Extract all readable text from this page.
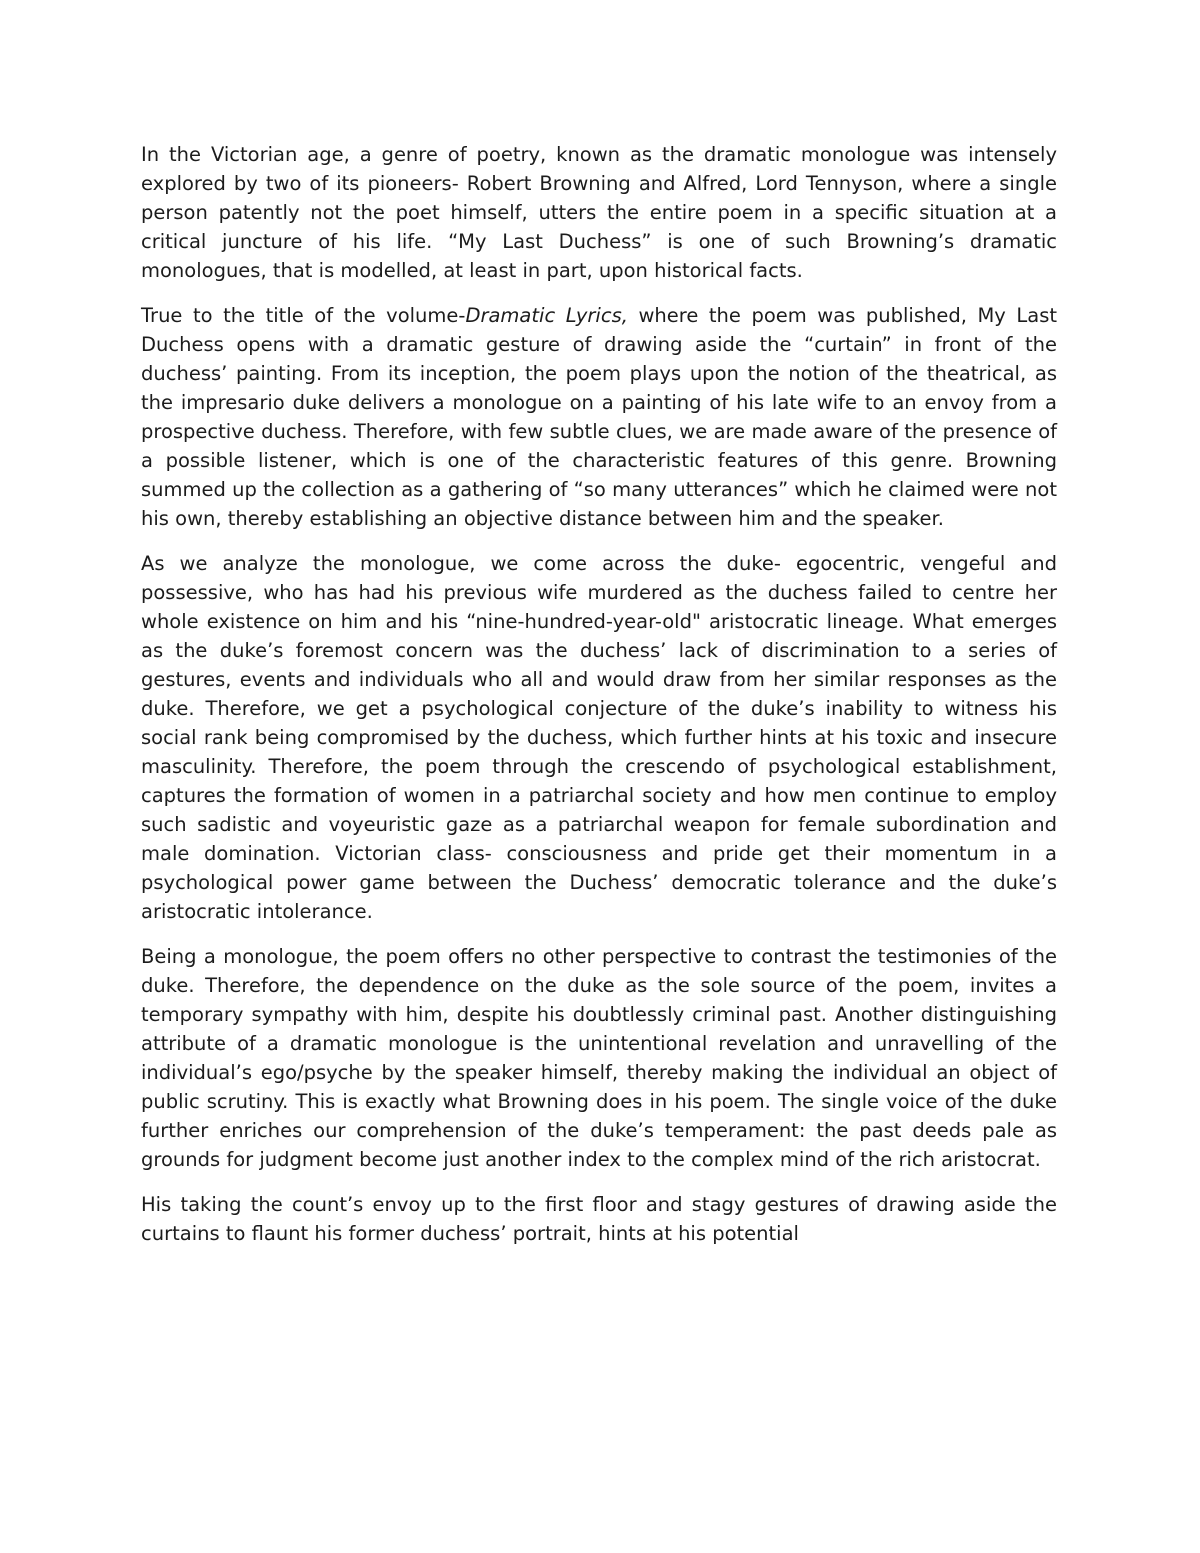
In the Victorian age, a genre of poetry, known as the dramatic monologue was intensely explored by two of its pioneers- Robert Browning and Alfred, Lord Tennyson, where a single person patently not the poet himself, utters the entire poem in a specific situation at a critical juncture of his life. “My Last Duchess” is one of such Browning’s dramatic monologues, that is modelled, at least in part, upon historical facts.

True to the title of the volume-Dramatic Lyrics, where the poem was published, My Last Duchess opens with a dramatic gesture of drawing aside the “curtain” in front of the duchess’ painting. From its inception, the poem plays upon the notion of the theatrical, as the impresario duke delivers a monologue on a painting of his late wife to an envoy from a prospective duchess. Therefore, with few subtle clues, we are made aware of the presence of a possible listener, which is one of the characteristic features of this genre. Browning summed up the collection as a gathering of “so many utterances” which he claimed were not his own, thereby establishing an objective distance between him and the speaker.

As we analyze the monologue, we come across the duke- egocentric, vengeful and possessive, who has had his previous wife murdered as the duchess failed to centre her whole existence on him and his “nine-hundred-year-old" aristocratic lineage. What emerges as the duke’s foremost concern was the duchess’ lack of discrimination to a series of gestures, events and individuals who all and would draw from her similar responses as the duke. Therefore, we get a psychological conjecture of the duke’s inability to witness his social rank being compromised by the duchess, which further hints at his toxic and insecure masculinity. Therefore, the poem through the crescendo of psychological establishment, captures the formation of women in a patriarchal society and how men continue to employ such sadistic and voyeuristic gaze as a patriarchal weapon for female subordination and male domination. Victorian class- consciousness and pride get their momentum in a psychological power game between the Duchess’ democratic tolerance and the duke’s aristocratic intolerance.

Being a monologue, the poem offers no other perspective to contrast the testimonies of the duke. Therefore, the dependence on the duke as the sole source of the poem, invites a temporary sympathy with him, despite his doubtlessly criminal past. Another distinguishing attribute of a dramatic monologue is the unintentional revelation and unravelling of the individual’s ego/psyche by the speaker himself, thereby making the individual an object of public scrutiny. This is exactly what Browning does in his poem. The single voice of the duke further enriches our comprehension of the duke’s temperament: the past deeds pale as grounds for judgment become just another index to the complex mind of the rich aristocrat.

His taking the count’s envoy up to the first floor and stagy gestures of drawing aside the curtains to flaunt his former duchess’ portrait, hints at his potential
